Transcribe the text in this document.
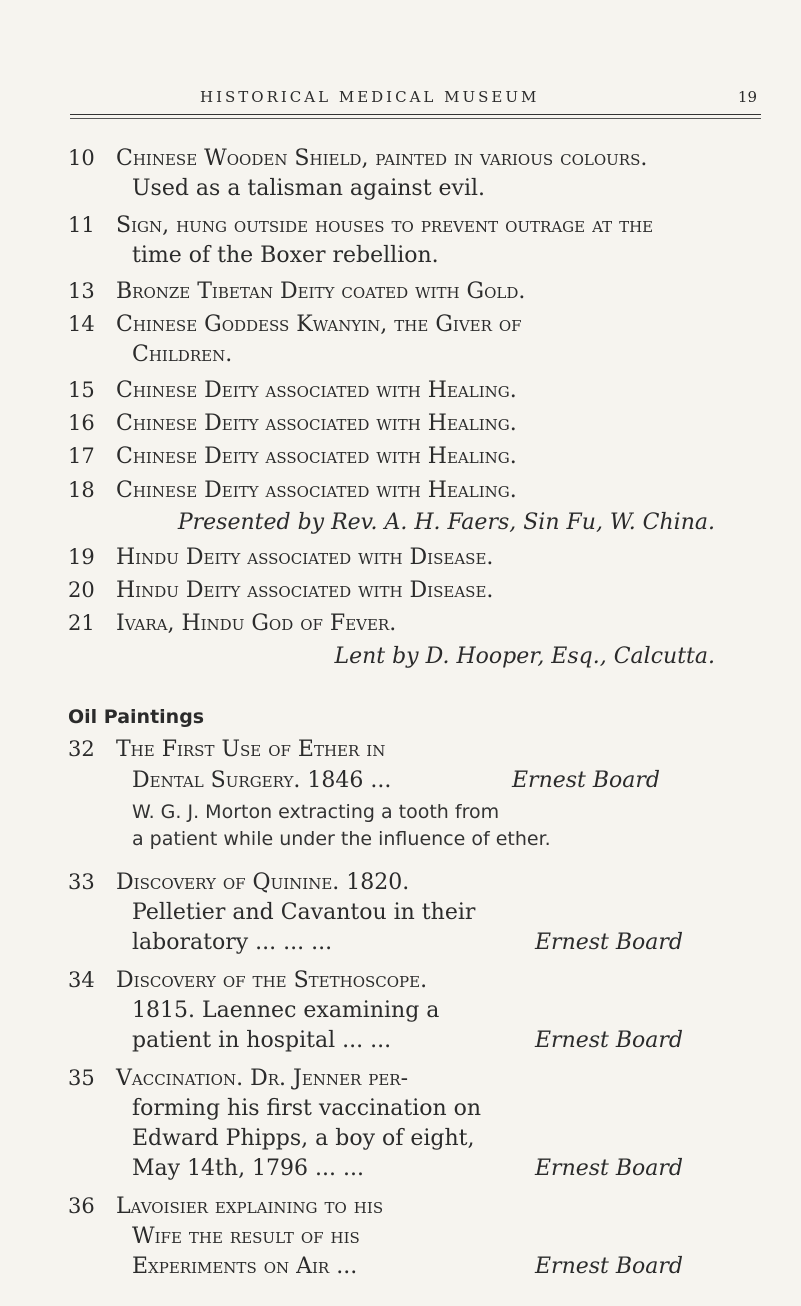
HISTORICAL MEDICAL MUSEUM	19
10 Chinese Wooden Shield, painted in various colours.
Used as a talisman against evil.
11 Sign, hung outside houses to prevent outrage at the
time of the Boxer rebellion.
13 Bronze Tibetan Deity coated with Gold.
14 Chinese Goddess Kwanyin, the Giver of
Children.
15 Chinese Deity associated with Healing.
16 Chinese Deity associated with Healing.
17 Chinese Deity associated with Healing.
18 Chinese Deity associated with Healing.
Presented by Rev. A. H. Faers, Sin Fu, W. China.
19 Hindu Deity associated with Disease.
20 Hindu Deity associated with Disease.
21 Ivara, Hindu God of Fever.
Lent by D. Hooper, Esq., Calcutta.
Oil Paintings
32 The First Use of Ether in
Dental Surgery. 1846 ...	Ernest Board
W. G. J. Morton extracting a tooth from
a patient while under the influence of ether.
33 Discovery of Quinine. 1820.
Pelletier and Cavantou in their
laboratory ... ... ...	Ernest Board
34 Discovery of the Stethoscope.
1815. Laennec examining a
patient in hospital ... ...	Ernest Board
35 Vaccination. Dr. Jenner per-
forming his first vaccination on
Edward Phipps, a boy of eight,
May 14th, 1796 ... ...	Ernest Board
36 Lavoisier explaining to his
Wife the result of his
Experiments on Air ...	Ernest Board
